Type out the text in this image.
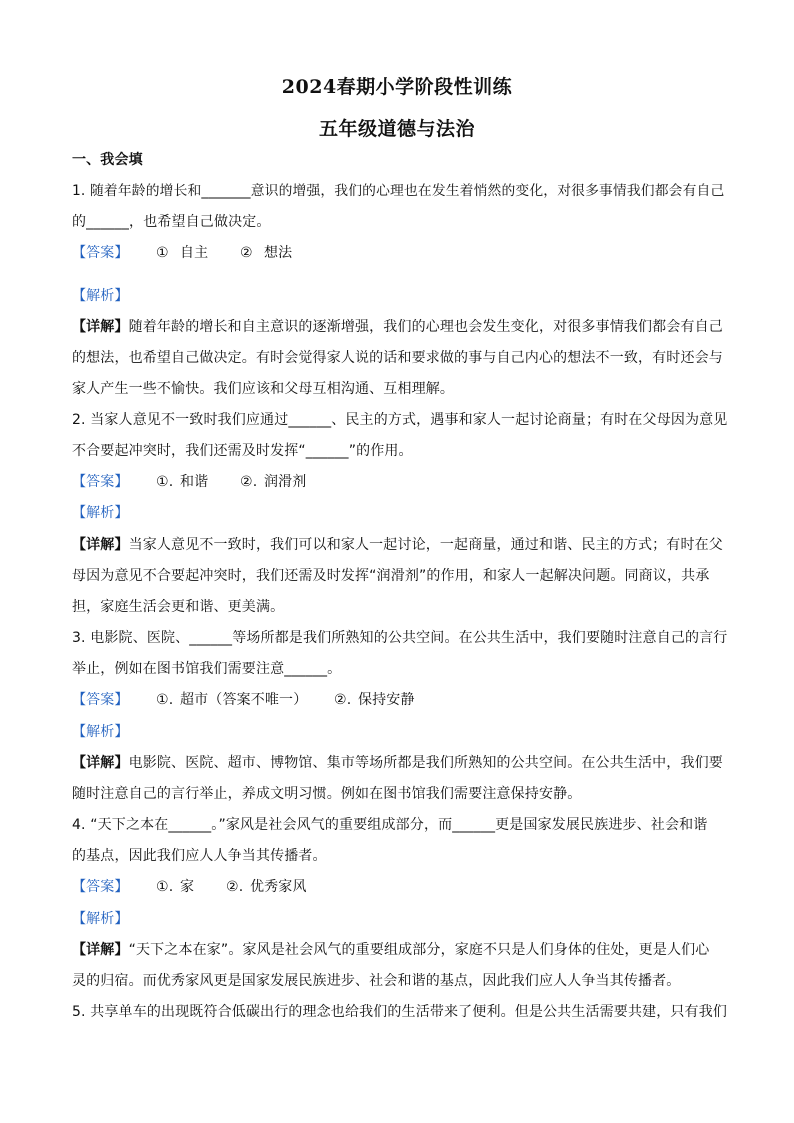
2024春期小学阶段性训练
五年级道德与法治
一、我会填
1. 随着年龄的增长和_______意识的增强，我们的心理也在发生着悄然的变化，对很多事情我们都会有自己
的______，也希望自己做决定。
【答案】 ① 自主 ② 想法
【解析】
【详解】随着年龄的增长和自主意识的逐渐增强，我们的心理也会发生变化，对很多事情我们都会有自己
的想法，也希望自己做决定。有时会觉得家人说的话和要求做的事与自己内心的想法不一致，有时还会与
家人产生一些不愉快。我们应该和父母互相沟通、互相理解。
2. 当家人意见不一致时我们应通过______、民主的方式，遇事和家人一起讨论商量；有时在父母因为意见
不合要起冲突时，我们还需及时发挥“______”的作用。
【答案】 ①. 和谐 ②. 润滑剂
【解析】
【详解】当家人意见不一致时，我们可以和家人一起讨论，一起商量，通过和谐、民主的方式；有时在父
母因为意见不合要起冲突时，我们还需及时发挥“润滑剂”的作用，和家人一起解决问题。同商议，共承
担，家庭生活会更和谐、更美满。
3. 电影院、医院、______等场所都是我们所熟知的公共空间。在公共生活中，我们要随时注意自己的言行
举止，例如在图书馆我们需要注意______。
【答案】 ①. 超市（答案不唯一） ②. 保持安静
【解析】
【详解】电影院、医院、超市、博物馆、集市等场所都是我们所熟知的公共空间。在公共生活中，我们要
随时注意自己的言行举止，养成文明习惯。例如在图书馆我们需要注意保持安静。
4. “天下之本在______。”家风是社会风气的重要组成部分，而______更是国家发展民族进步、社会和谐
的基点，因此我们应人人争当其传播者。
【答案】 ①. 家 ②. 优秀家风
【解析】
【详解】“天下之本在家”。家风是社会风气的重要组成部分，家庭不只是人们身体的住处，更是人们心
灵的归宿。而优秀家风更是国家发展民族进步、社会和谐的基点，因此我们应人人争当其传播者。
5. 共享单车的出现既符合低碳出行的理念也给我们的生活带来了便利。但是公共生活需要共建，只有我们
